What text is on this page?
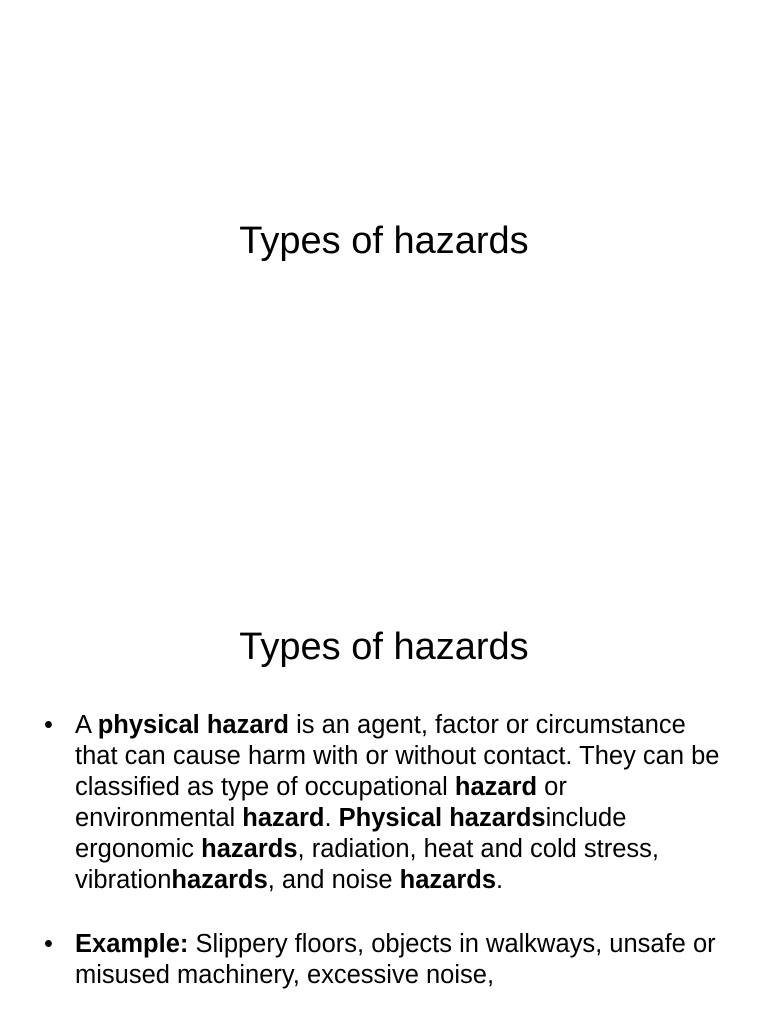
Types of hazards
Types of hazards
• A physical hazard is an agent, factor or circumstance that can cause harm with or without contact. They can be classified as type of occupational hazard or environmental hazard. Physical hazardsinclude ergonomic hazards, radiation, heat and cold stress, vibrationhazards, and noise hazards.
• Example: Slippery floors, objects in walkways, unsafe or misused machinery, excessive noise,
